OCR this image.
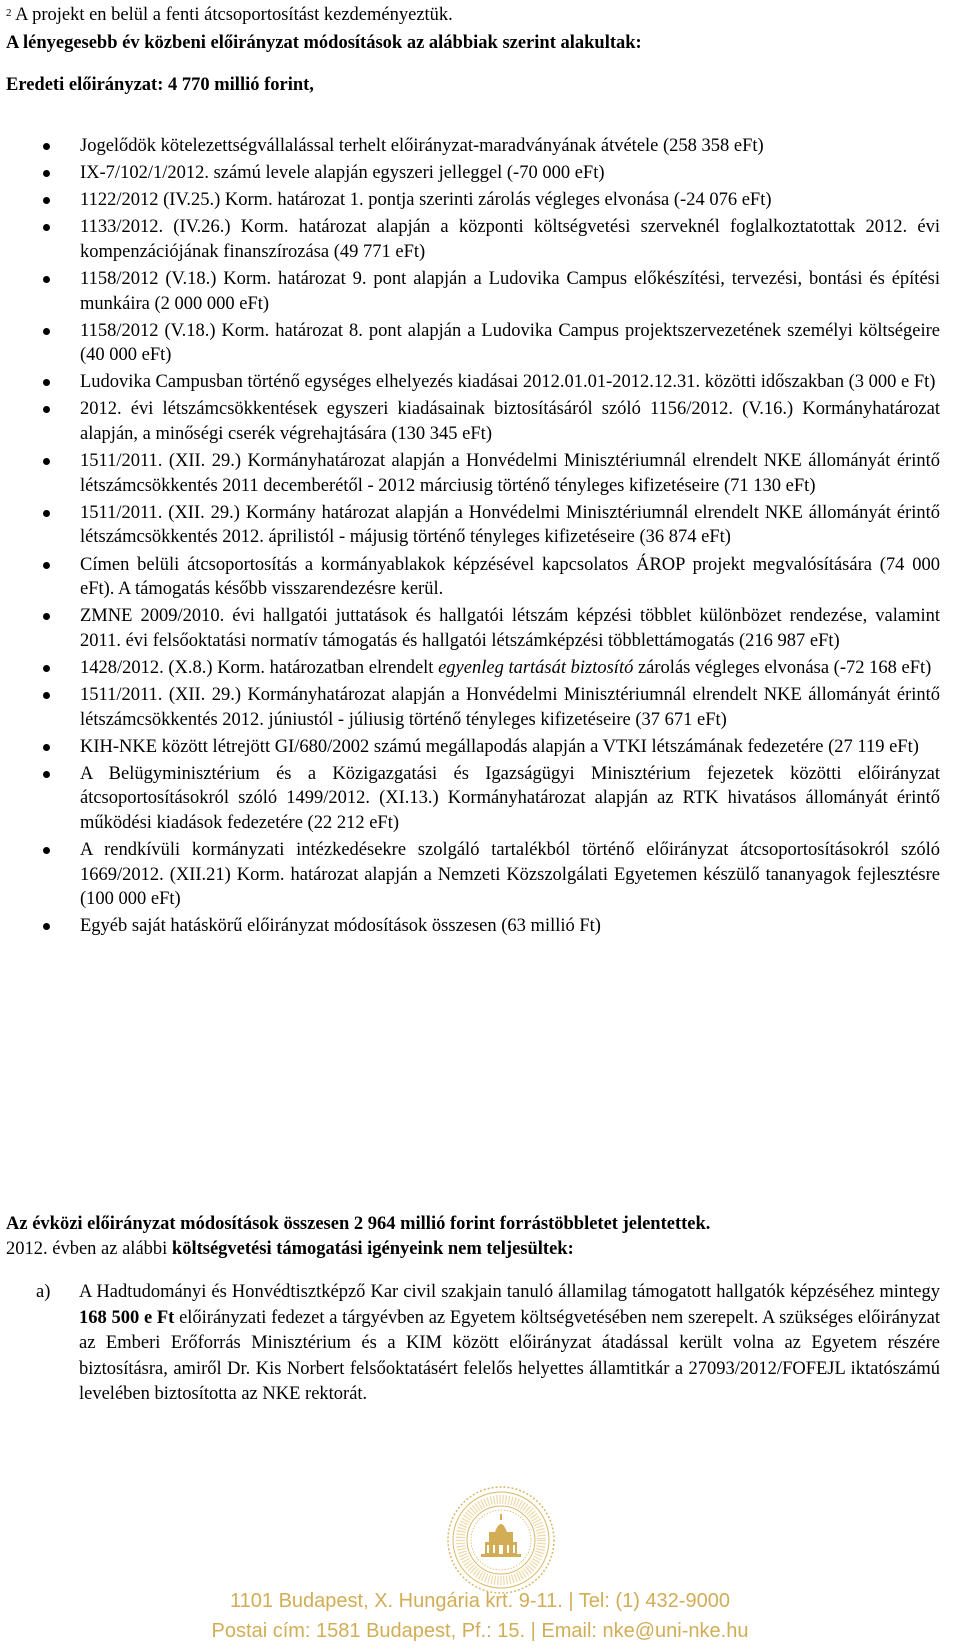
$^2$ A projekt en belül a fenti átcsoportosítást kezdeményeztük.
A lényegesebb év közbeni előirányzat módosítások az alábbiak szerint alakultak:
Eredeti előirányzat: 4 770 millió forint,
Jogelődök kötelezettségvállalással terhelt előirányzat-maradványának átvétele (258 358 eFt)
IX-7/102/1/2012. számú levele alapján egyszeri jelleggel (-70 000 eFt)
1122/2012 (IV.25.) Korm. határozat 1. pontja szerinti zárolás végleges elvonása (-24 076 eFt)
1133/2012. (IV.26.) Korm. határozat alapján a központi költségvetési szerveknél foglalkoztatottak 2012. évi kompenzációjának finanszírozása (49 771 eFt)
1158/2012 (V.18.) Korm. határozat 9. pont alapján a Ludovika Campus előkészítési, tervezési, bontási és építési munkáira (2 000 000 eFt)
1158/2012 (V.18.) Korm. határozat 8. pont alapján a Ludovika Campus projektszervezetének személyi költségeire (40 000 eFt)
Ludovika Campusban történő egységes elhelyezés kiadásai 2012.01.01-2012.12.31. közötti időszakban (3 000 e Ft)
2012. évi létszámcsökkentések egyszeri kiadásainak biztosításáról szóló 1156/2012. (V.16.) Kormányhatározat alapján, a minőségi cserék végrehajtására (130 345 eFt)
1511/2011. (XII. 29.) Kormányhatározat alapján a Honvédelmi Minisztériumnál elrendelt NKE állományát érintő létszámcsökkentés 2011 decemberétől - 2012 márciusig történő tényleges kifizetéseire (71 130 eFt)
1511/2011. (XII. 29.) Kormány határozat alapján a Honvédelmi Minisztériumnál elrendelt NKE állományát érintő létszámcsökkentés 2012. áprilistól - májusig történő tényleges kifizetéseire (36 874 eFt)
Címen belüli átcsoportosítás a kormányablakok képzésével kapcsolatos ÁROP projekt megvalósítására (74 000 eFt). A támogatás később visszarendezésre kerül.
ZMNE 2009/2010. évi hallgatói juttatások és hallgatói létszám képzési többlet különbözet rendezése, valamint 2011. évi felsőoktatási normatív támogatás és hallgatói létszámképzési többlettámogatás (216 987 eFt)
1428/2012. (X.8.) Korm. határozatban elrendelt egyenleg tartását biztosító zárolás végleges elvonása (-72 168 eFt)
1511/2011. (XII. 29.) Kormányhatározat alapján a Honvédelmi Minisztériumnál elrendelt NKE állományát érintő létszámcsökkentés 2012. júniustól - júliusig történő tényleges kifizetéseire (37 671 eFt)
KIH-NKE között létrejött GI/680/2002 számú megállapodás alapján a VTKI létszámának fedezetére (27 119 eFt)
A Belügyminisztérium és a Közigazgatási és Igazságügyi Minisztérium fejezetek közötti előirányzat átcsoportosításokról szóló 1499/2012. (XI.13.) Kormányhatározat alapján az RTK hivatásos állományát érintő működési kiadások fedezetére (22 212 eFt)
A rendkívüli kormányzati intézkedésekre szolgáló tartalékból történő előirányzat átcsoportosításokról szóló 1669/2012. (XII.21) Korm. határozat alapján a Nemzeti Közszolgálati Egyetemen készülő tananyagok fejlesztésre (100 000 eFt)
Egyéb saját hatáskörű előirányzat módosítások összesen (63 millió Ft)
Az évközi előirányzat módosítások összesen 2 964 millió forint forrástöbbletet jelentettek.
2012. évben az alábbi költségvetési támogatási igényeink nem teljesültek:
a) A Hadtudományi és Honvédtisztképző Kar civil szakjain tanuló államilag támogatott hallgatók képzéséhez mintegy 168 500 e Ft előirányzati fedezet a tárgyévben az Egyetem költségvetésében nem szerepelt. A szükséges előirányzat az Emberi Erőforrás Minisztérium és a KIM között előirányzat átadással került volna az Egyetem részére biztosításra, amiről Dr. Kis Norbert felsőoktatásért felelős helyettes államtitkár a 27093/2012/FOFEJL iktatószámú levelében biztosította az NKE rektorát.
1101 Budapest, X. Hungária krt. 9-11. | Tel: (1) 432-9000
Postai cím: 1581 Budapest, Pf.: 15. | Email: nke@uni-nke.hu
